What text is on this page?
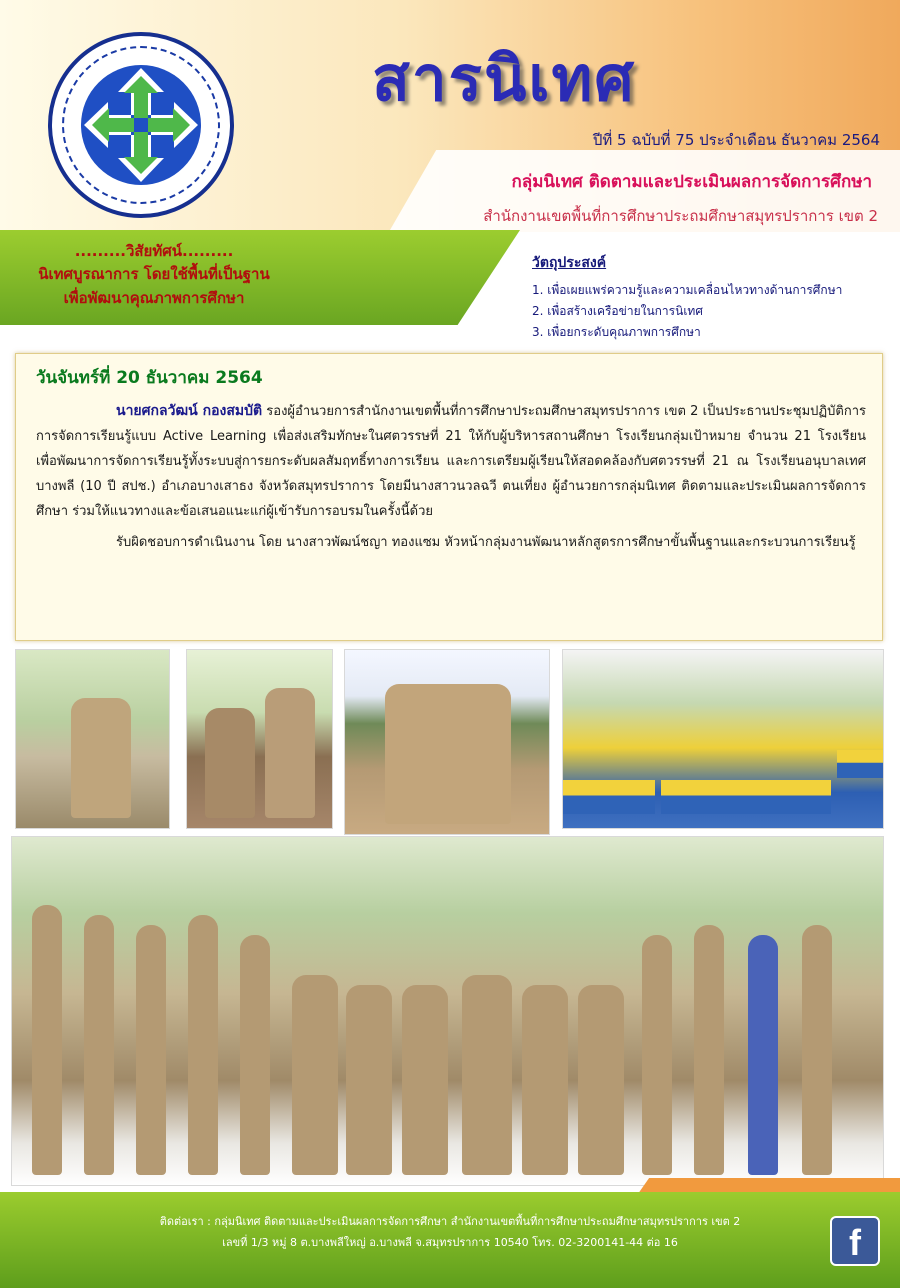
สารนิเทศ
ปีที่ 5 ฉบับที่ 75 ประจำเดือน ธันวาคม 2564
กลุ่มนิเทศ ติดตามและประเมินผลการจัดการศึกษา
สำนักงานเขตพื้นที่การศึกษาประถมศึกษาสมุทรปราการ เขต 2
.........วิสัยทัศน์.........
นิเทศบูรณาการ โดยใช้พื้นที่เป็นฐาน
เพื่อพัฒนาคุณภาพการศึกษา
วัตถุประสงค์
1. เพื่อเผยแพร่ความรู้และความเคลื่อนไหวทางด้านการศึกษา
2. เพื่อสร้างเครือข่ายในการนิเทศ
3. เพื่อยกระดับคุณภาพการศึกษา
วันจันทร์ที่ 20 ธันวาคม 2564

นายศกลวัฒน์ กองสมบัติ รองผู้อำนวยการสำนักงานเขตพื้นที่การศึกษาประถมศึกษาสมุทรปราการ เขต 2 เป็นประธานประชุมปฏิบัติการการจัดการเรียนรู้แบบ Active Learning เพื่อส่งเสริมทักษะในศตวรรษที่ 21 ให้กับผู้บริหารสถานศึกษา โรงเรียนกลุ่มเป้าหมาย จำนวน 21 โรงเรียน เพื่อพัฒนาการจัดการเรียนรู้ทั้งระบบสู่การยกระดับผลสัมฤทธิ์ทางการเรียน และการเตรียมผู้เรียนให้สอดคล้องกับศตวรรษที่ 21 ณ โรงเรียนอนุบาลเทศบางพลี (10 ปี สปช.) อำเภอบางเสาธง จังหวัดสมุทรปราการ โดยมีนางสาวนวลฉวี ตนเที่ยง ผู้อำนวยการกลุ่มนิเทศ ติดตามและประเมินผลการจัดการศึกษา ร่วมให้แนวทางและข้อเสนอแนะแก่ผู้เข้ารับการอบรมในครั้งนี้ด้วย

รับผิดชอบการดำเนินงาน โดย นางสาวพัฒน์ชญา ทองแซม หัวหน้ากลุ่มงานพัฒนาหลักสูตรการศึกษาขั้นพื้นฐานและกระบวนการเรียนรู้

ติดต่อเรา : กลุ่มนิเทศ ติดตามและประเมินผลการจัดการศึกษา สำนักงานเขตพื้นที่การศึกษาประถมศึกษาสมุทรปราการ เขต 2
เลขที่ 1/3 หมู่ 8 ต.บางพลีใหญ่ อ.บางพลี จ.สมุทรปราการ 10540 โทร. 02-3200141-44 ต่อ 16	f
